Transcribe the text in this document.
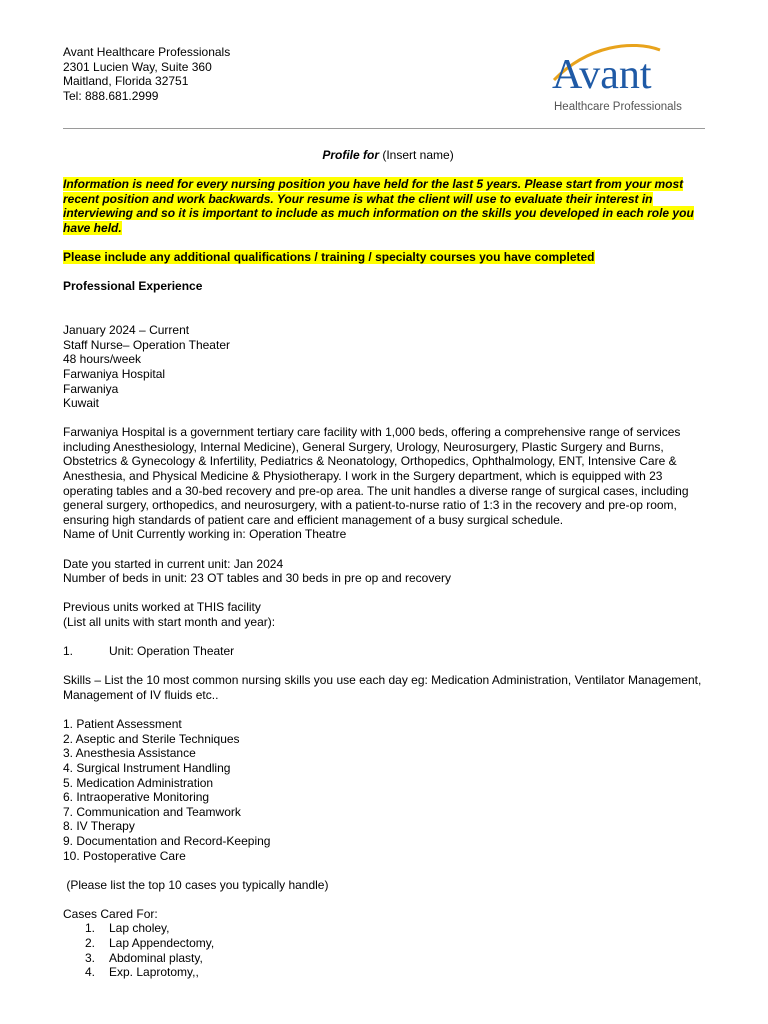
Avant Healthcare Professionals
2301 Lucien Way, Suite 360
Maitland, Florida 32751
Tel: 888.681.2999	Avant
Healthcare Professionals

Profile for (Insert name)

Information is need for every nursing position you have held for the last 5 years. Please start from your most recent position and work backwards. Your resume is what the client will use to evaluate their interest in interviewing and so it is important to include as much information on the skills you developed in each role you have held.

Please include any additional qualifications / training / specialty courses you have completed

Professional Experience

January 2024 – Current

Staff Nurse– Operation Theater

48 hours/week

Farwaniya Hospital

Farwaniya

Kuwait

Farwaniya Hospital is a government tertiary care facility with 1,000 beds, offering a comprehensive range of services including Anesthesiology, Internal Medicine), General Surgery, Urology, Neurosurgery, Plastic Surgery and Burns, Obstetrics & Gynecology & Infertility, Pediatrics & Neonatology, Orthopedics, Ophthalmology, ENT, Intensive Care & Anesthesia, and Physical Medicine & Physiotherapy. I work in the Surgery department, which is equipped with 23 operating tables and a 30-bed recovery and pre-op area. The unit handles a diverse range of surgical cases, including general surgery, orthopedics, and neurosurgery, with a patient-to-nurse ratio of 1:3 in the recovery and pre-op room, ensuring high standards of patient care and efficient management of a busy surgical schedule.

Name of Unit Currently working in: Operation Theatre

Date you started in current unit: Jan 2024

Number of beds in unit: 23 OT tables and 30 beds in pre op and recovery

Previous units worked at THIS facility

(List all units with start month and year):

1.	Unit: Operation Theater

Skills – List the 10 most common nursing skills you use each day eg: Medication Administration, Ventilator Management, Management of IV fluids etc..

1. Patient Assessment

2. Aseptic and Sterile Techniques

3. Anesthesia Assistance

4. Surgical Instrument Handling

5. Medication Administration

6. Intraoperative Monitoring

7. Communication and Teamwork

8. IV Therapy

9. Documentation and Record-Keeping

10. Postoperative Care

(Please list the top 10 cases you typically handle)

Cases Cared For:

1. Lap choley,

2. Lap Appendectomy,

3. Abdominal plasty,

4. Exp. Laprotomy,,
